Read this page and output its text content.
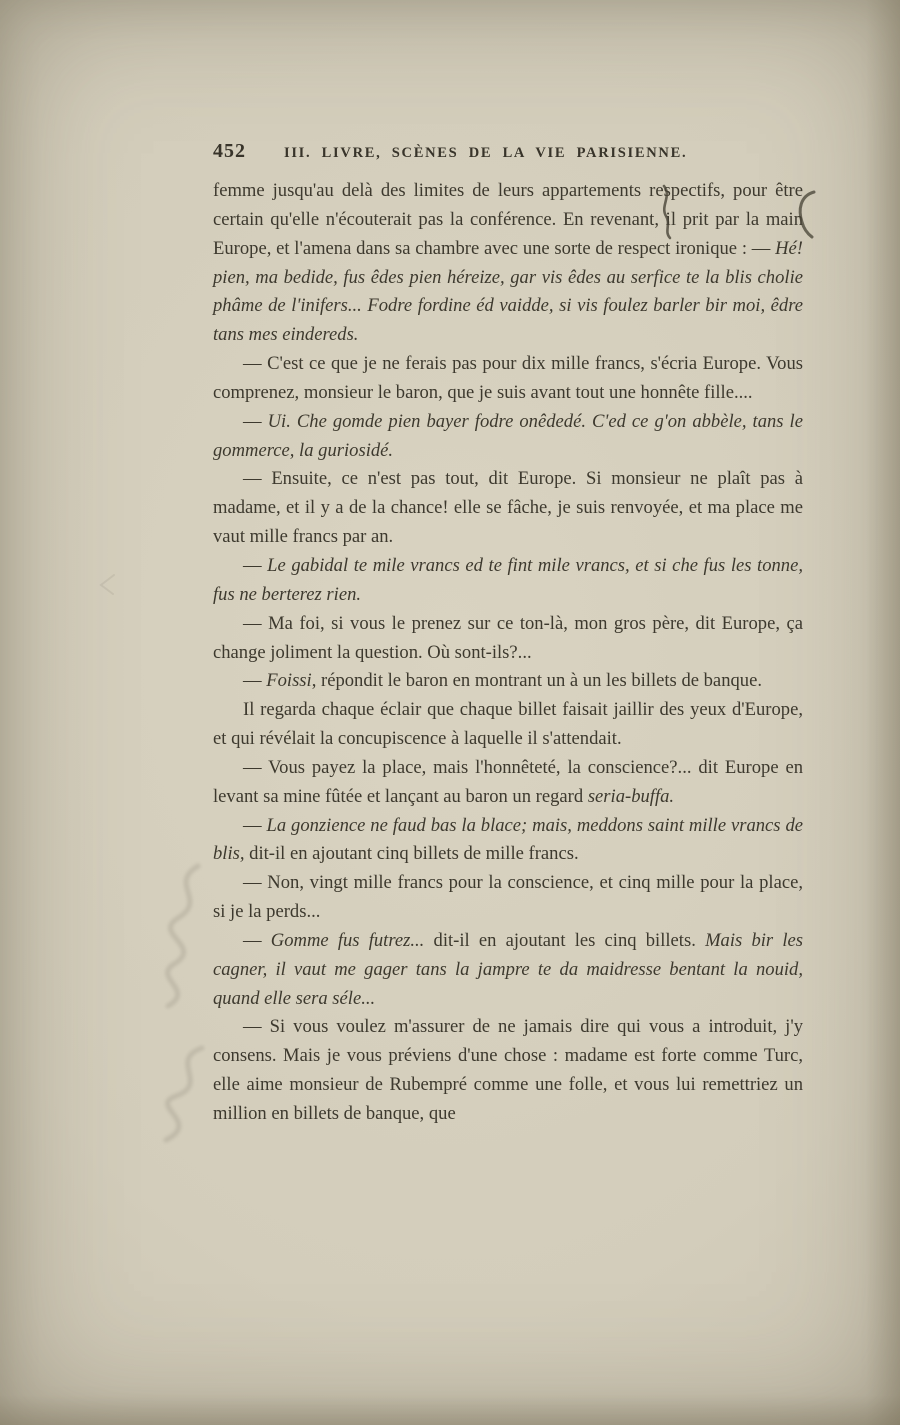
452	III. LIVRE, SCÈNES DE LA VIE PARISIENNE.

femme jusqu'au delà des limites de leurs appartements respectifs, pour être certain qu'elle n'écouterait pas la conférence. En revenant, il prit par la main Europe, et l'amena dans sa chambre avec une sorte de respect ironique : — Hé! pien, ma bedide, fus êdes pien héreize, gar vis êdes au serfice te la blis cholie phâme de l'inifers... Fodre fordine éd vaidde, si vis foulez barler bir moi, êdre tans mes eindereds.

— C'est ce que je ne ferais pas pour dix mille francs, s'écria Europe. Vous comprenez, monsieur le baron, que je suis avant tout une honnête fille....

— Ui. Che gomde pien bayer fodre onêdedé. C'ed ce g'on abbèle, tans le gommerce, la guriosidé.

— Ensuite, ce n'est pas tout, dit Europe. Si monsieur ne plaît pas à madame, et il y a de la chance! elle se fâche, je suis renvoyée, et ma place me vaut mille francs par an.

— Le gabidal te mile vrancs ed te fint mile vrancs, et si che fus les tonne, fus ne berterez rien.

— Ma foi, si vous le prenez sur ce ton-là, mon gros père, dit Europe, ça change joliment la question. Où sont-ils?...

— Foissi, répondit le baron en montrant un à un les billets de banque.

Il regarda chaque éclair que chaque billet faisait jaillir des yeux d'Europe, et qui révélait la concupiscence à laquelle il s'attendait.

— Vous payez la place, mais l'honnêteté, la conscience?... dit Europe en levant sa mine fûtée et lançant au baron un regard seria-buffa.

— La gonzience ne faud bas la blace; mais, meddons saint mille vrancs de blis, dit-il en ajoutant cinq billets de mille francs.

— Non, vingt mille francs pour la conscience, et cinq mille pour la place, si je la perds...

— Gomme fus futrez... dit-il en ajoutant les cinq billets. Mais bir les cagner, il vaut me gager tans la jampre te da maidresse bentant la nouid, quand elle sera séle...

— Si vous voulez m'assurer de ne jamais dire qui vous a introduit, j'y consens. Mais je vous préviens d'une chose : madame est forte comme Turc, elle aime monsieur de Rubempré comme une folle, et vous lui remettriez un million en billets de banque, que
